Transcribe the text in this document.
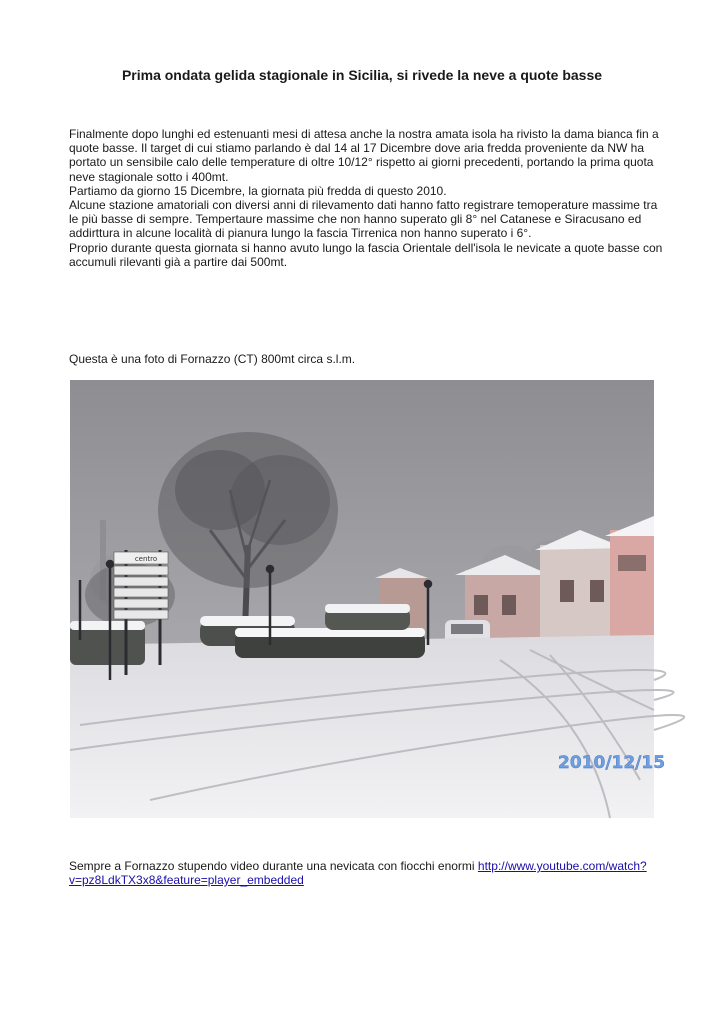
Prima ondata gelida stagionale in Sicilia, si rivede la neve a quote basse

Finalmente dopo lunghi ed estenuanti mesi di attesa anche la nostra amata isola ha rivisto la dama bianca fin a quote basse. Il target di cui stiamo parlando è dal 14 al 17 Dicembre dove aria fredda proveniente da NW ha portato un sensibile calo delle temperature di oltre 10/12° rispetto ai giorni precedenti, portando la prima quota neve stagionale sotto i 400mt.

Partiamo da giorno 15 Dicembre, la giornata più fredda di questo 2010.

Alcune stazione amatoriali con diversi anni di rilevamento dati hanno fatto registrare temoperature massime tra le più basse di sempre. Tempertaure massime che non hanno superato gli 8° nel Catanese e Siracusano ed addirttura in alcune località di pianura lungo la fascia Tirrenica non hanno superato i 6°.

Proprio durante questa giornata si hanno avuto lungo la fascia Orientale dell'isola le nevicate a quote basse con accumuli rilevanti già a partire dai 500mt.

Questa è una foto di Fornazzo (CT) 800mt circa s.l.m.
centro
2010/12/15
Sempre a Fornazzo stupendo video durante una nevicata con fiocchi enormi http://www.youtube.com/watch?v=pz8LdkTX3x8&feature=player_embedded
